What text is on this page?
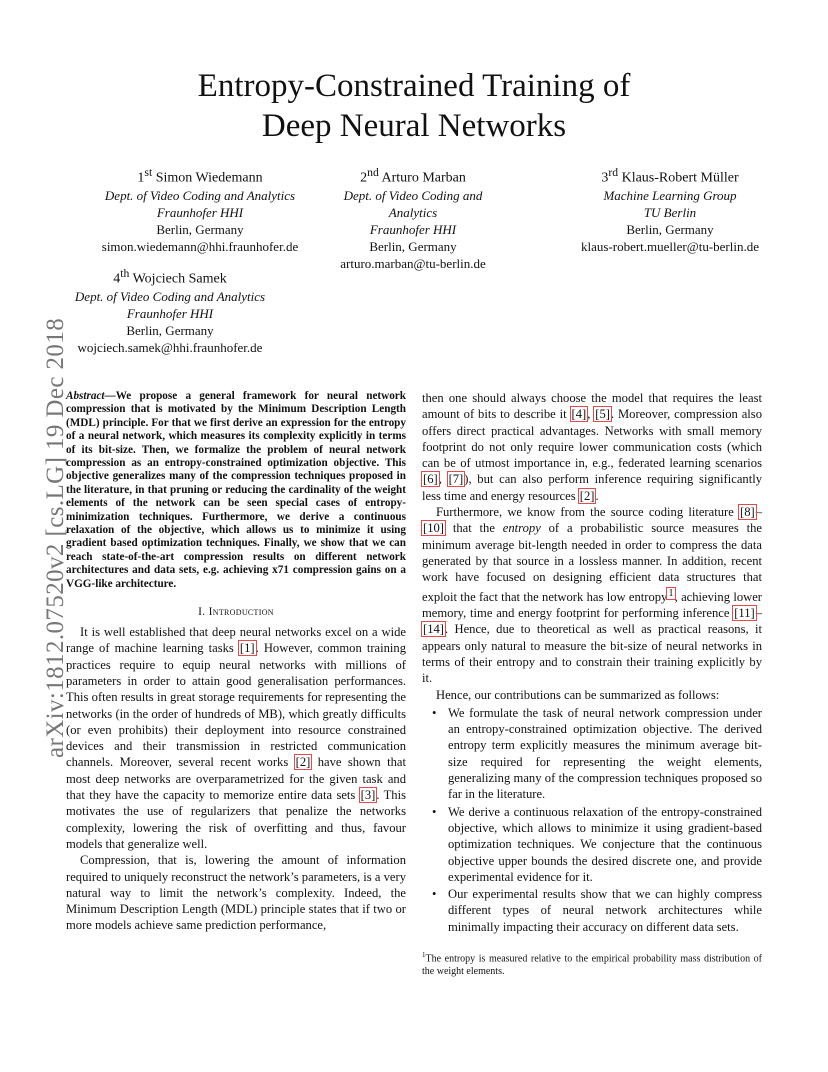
arXiv:1812.07520v2 [cs.LG] 19 Dec 2018
Entropy-Constrained Training of
Deep Neural Networks
1st Simon Wiedemann
Dept. of Video Coding and Analytics
Fraunhofer HHI
Berlin, Germany
simon.wiedemann@hhi.fraunhofer.de
2nd Arturo Marban
Dept. of Video Coding and Analytics
Fraunhofer HHI
Berlin, Germany
arturo.marban@tu-berlin.de
3rd Klaus-Robert Müller
Machine Learning Group
TU Berlin
Berlin, Germany
klaus-robert.mueller@tu-berlin.de
4th Wojciech Samek
Dept. of Video Coding and Analytics
Fraunhofer HHI
Berlin, Germany
wojciech.samek@hhi.fraunhofer.de

Abstract—We propose a general framework for neural network compression that is motivated by the Minimum Description Length (MDL) principle. For that we first derive an expression for the entropy of a neural network, which measures its complexity explicitly in terms of its bit-size. Then, we formalize the problem of neural network compression as an entropy-constrained optimization objective. This objective generalizes many of the compression techniques proposed in the literature, in that pruning or reducing the cardinality of the weight elements of the network can be seen special cases of entropy-minimization techniques. Furthermore, we derive a continuous relaxation of the objective, which allows us to minimize it using gradient based optimization techniques. Finally, we show that we can reach state-of-the-art compression results on different network architectures and data sets, e.g. achieving x71 compression gains on a VGG-like architecture.

I. Introduction

It is well established that deep neural networks excel on a wide range of machine learning tasks [1]. However, common training practices require to equip neural networks with millions of parameters in order to attain good generalisation performances. This often results in great storage requirements for representing the networks (in the order of hundreds of MB), which greatly difficults (or even prohibits) their deployment into resource constrained devices and their transmission in restricted communication channels. Moreover, several recent works [2] have shown that most deep networks are overparametrized for the given task and that they have the capacity to memorize entire data sets [3]. This motivates the use of regularizers that penalize the networks complexity, lowering the risk of overfitting and thus, favour models that generalize well.

Compression, that is, lowering the amount of information required to uniquely reconstruct the network’s parameters, is a very natural way to limit the network’s complexity. Indeed, the Minimum Description Length (MDL) principle states that if two or more models achieve same prediction performance,

then one should always choose the model that requires the least amount of bits to describe it [4], [5]. Moreover, compression also offers direct practical advantages. Networks with small memory footprint do not only require lower communication costs (which can be of utmost importance in, e.g., federated learning scenarios [6], [7]), but can also perform inference requiring significantly less time and energy resources [2].

Furthermore, we know from the source coding literature [8]–[10] that the entropy of a probabilistic source measures the minimum average bit-length needed in order to compress the data generated by that source in a lossless manner. In addition, recent work have focused on designing efficient data structures that exploit the fact that the network has low entropy$^1$, achieving lower memory, time and energy footprint for performing inference [11]–[14]. Hence, due to theoretical as well as practical reasons, it appears only natural to measure the bit-size of neural networks in terms of their entropy and to constrain their training explicitly by it.

Hence, our contributions can be summarized as follows:

• We formulate the task of neural network compression under an entropy-constrained optimization objective. The derived entropy term explicitly measures the minimum average bit-size required for representing the weight elements, generalizing many of the compression techniques proposed so far in the literature.
• We derive a continuous relaxation of the entropy-constrained objective, which allows to minimize it using gradient-based optimization techniques. We conjecture that the continuous objective upper bounds the desired discrete one, and provide experimental evidence for it.
• Our experimental results show that we can highly compress different types of neural network architectures while minimally impacting their accuracy on different data sets.
$^1$The entropy is measured relative to the empirical probability mass distribution of the weight elements.
